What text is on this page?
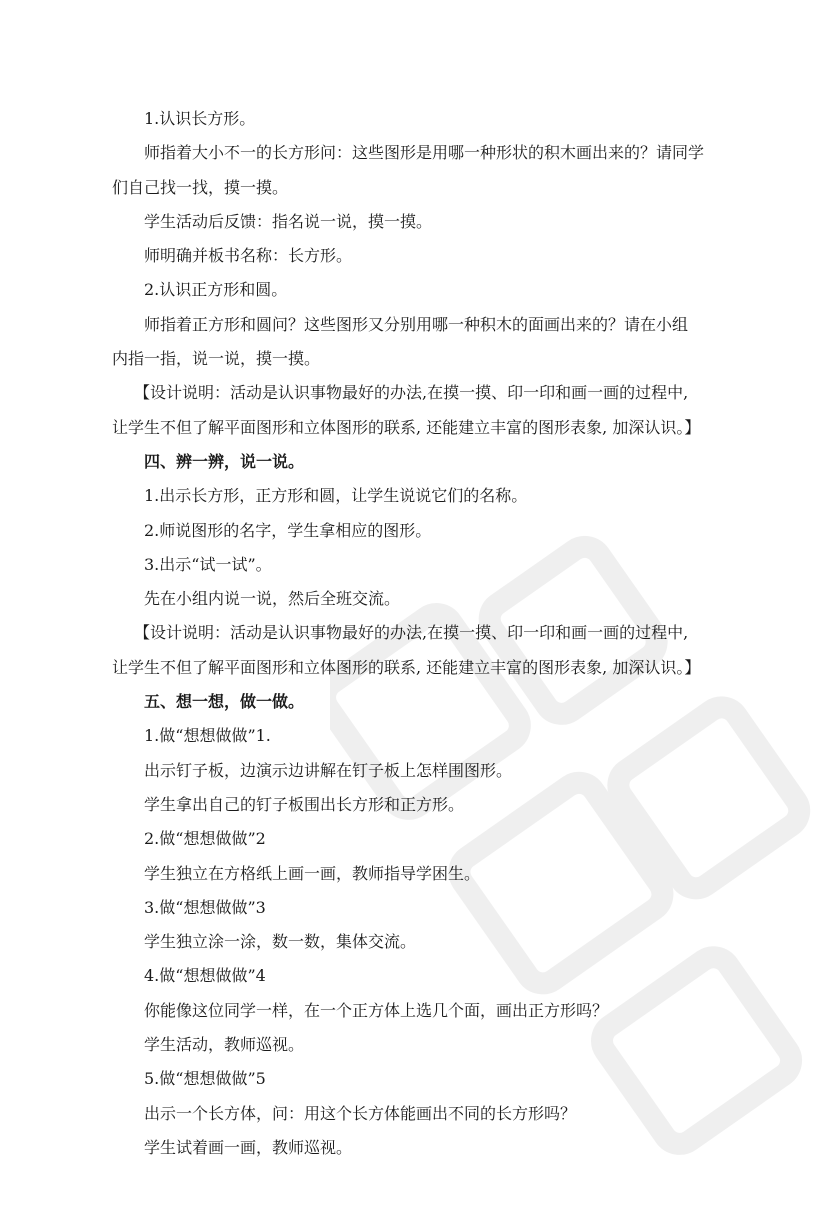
1.认识长方形。
师指着大小不一的长方形问：这些图形是用哪一种形状的积木画出来的？请同学
们自己找一找，摸一摸。
学生活动后反馈：指名说一说，摸一摸。
师明确并板书名称：长方形。
2.认识正方形和圆。
师指着正方形和圆问？这些图形又分别用哪一种积木的面画出来的？请在小组
内指一指，说一说，摸一摸。
【设计说明：活动是认识事物最好的办法,在摸一摸、印一印和画一画的过程中,
让学生不但了解平面图形和立体图形的联系, 还能建立丰富的图形表象, 加深认识。】
四、辨一辨，说一说。
1.出示长方形，正方形和圆，让学生说说它们的名称。
2.师说图形的名字，学生拿相应的图形。
3.出示“试一试”。
先在小组内说一说，然后全班交流。
【设计说明：活动是认识事物最好的办法,在摸一摸、印一印和画一画的过程中,
让学生不但了解平面图形和立体图形的联系, 还能建立丰富的图形表象, 加深认识。】
五、想一想，做一做。
1.做“想想做做”1.
出示钉子板，边演示边讲解在钉子板上怎样围图形。
学生拿出自己的钉子板围出长方形和正方形。
2.做“想想做做”2
学生独立在方格纸上画一画，教师指导学困生。
3.做“想想做做”3
学生独立涂一涂，数一数，集体交流。
4.做“想想做做”4
你能像这位同学一样，在一个正方体上选几个面，画出正方形吗？
学生活动，教师巡视。
5.做“想想做做”5
出示一个长方体，问：用这个长方体能画出不同的长方形吗？
学生试着画一画，教师巡视。
